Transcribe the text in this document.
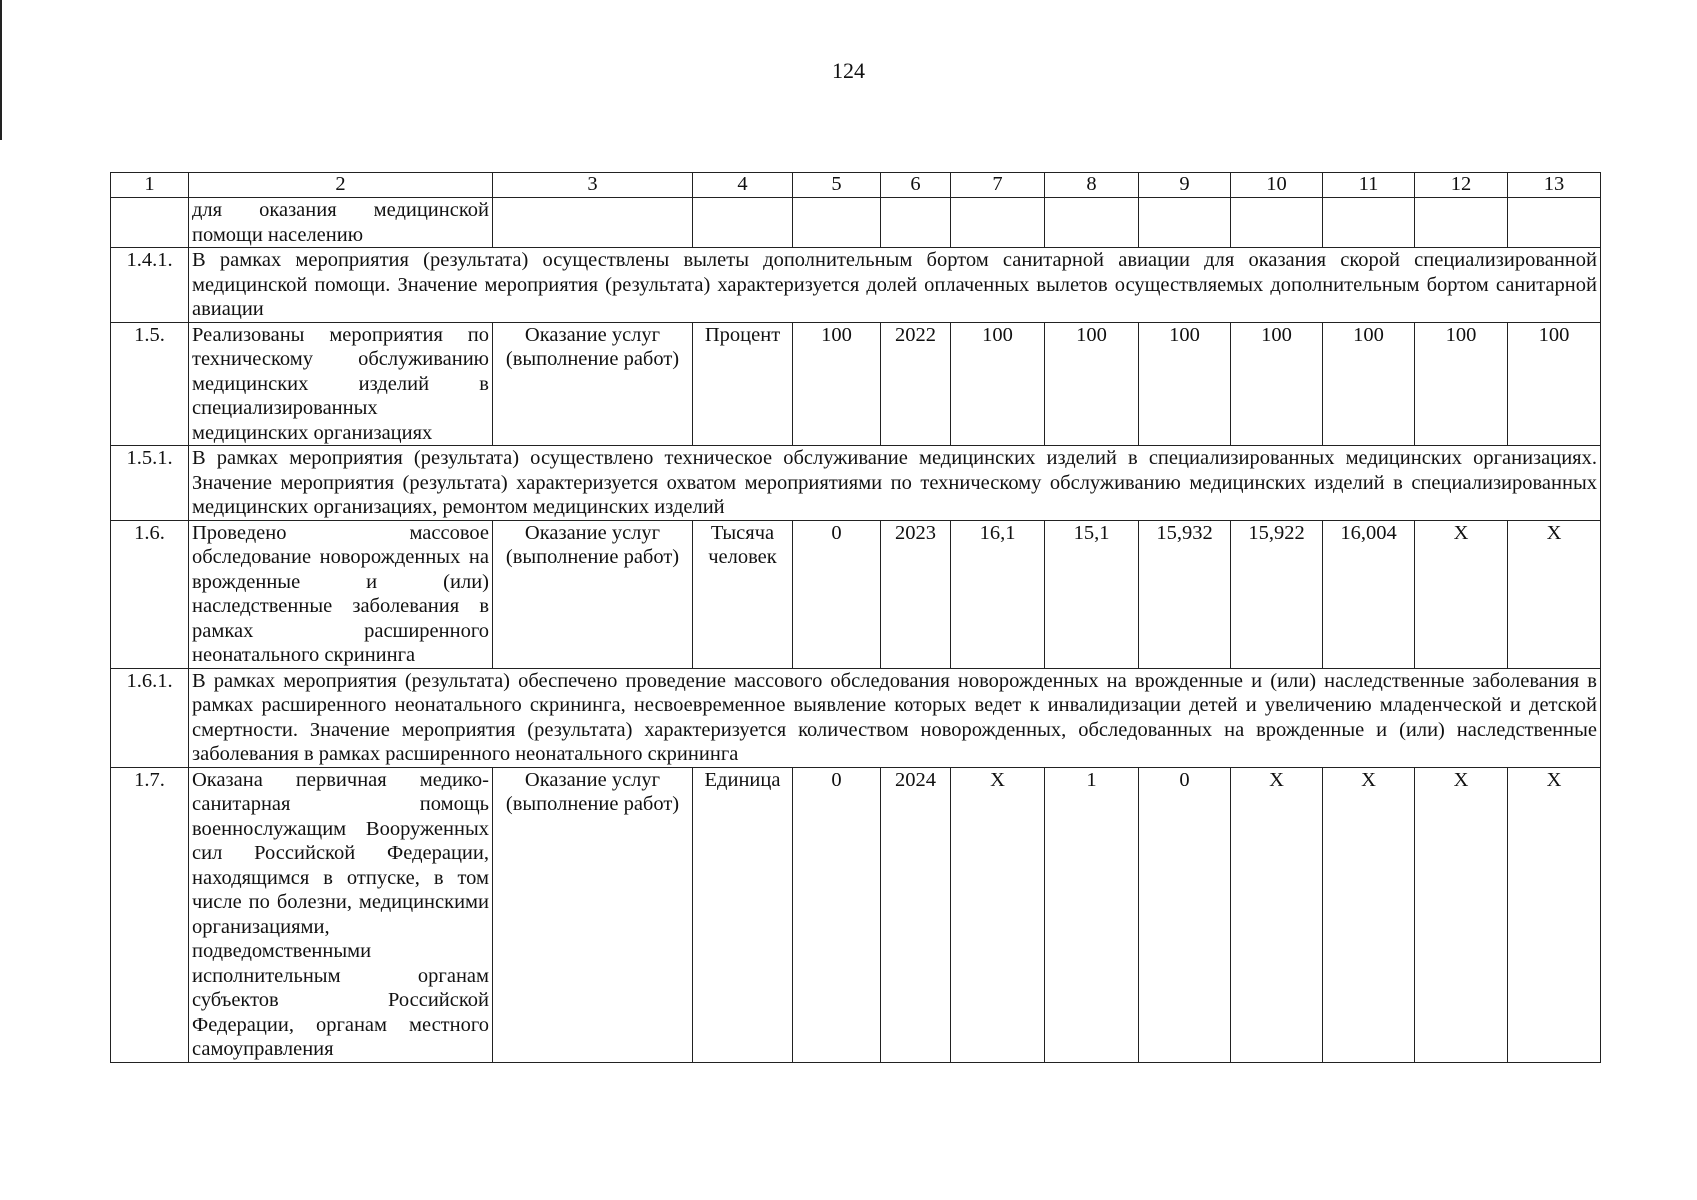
124
1	2	3	4	5	6	7	8	9	10	11	12	13
	для оказания медицинской помощи населению											
1.4.1.	В рамках мероприятия (результата) осуществлены вылеты дополнительным бортом санитарной авиации для оказания скорой специализированной медицинской помощи. Значение мероприятия (результата) характеризуется долей оплаченных вылетов осуществляемых дополнительным бортом санитарной авиации											
1.5.	Реализованы мероприятия по техническому обслуживанию медицинских изделий в специализированных медицинских организациях	Оказание услуг (выполнение работ)	Процент	100	2022	100	100	100	100	100	100	100
1.5.1.	В рамках мероприятия (результата) осуществлено техническое обслуживание медицинских изделий в специализированных медицинских организациях. Значение мероприятия (результата) характеризуется охватом мероприятиями по техническому обслуживанию медицинских изделий в специализированных медицинских организациях, ремонтом медицинских изделий											
1.6.	Проведено массовое обследование новорожденных на врожденные и (или) наследственные заболевания в рамках расширенного неонатального скрининга	Оказание услуг (выполнение работ)	Тысяча человек	0	2023	16,1	15,1	15,932	15,922	16,004	Х	Х
1.6.1.	В рамках мероприятия (результата) обеспечено проведение массового обследования новорожденных на врожденные и (или) наследственные заболевания в рамках расширенного неонатального скрининга, несвоевременное выявление которых ведет к инвалидизации детей и увеличению младенческой и детской смертности. Значение мероприятия (результата) характеризуется количеством новорожденных, обследованных на врожденные и (или) наследственные заболевания в рамках расширенного неонатального скрининга											
1.7.	Оказана первичная медико-санитарная помощь военнослужащим Вооруженных сил Российской Федерации, находящимся в отпуске, в том числе по болезни, медицинскими организациями, подведомственными исполнительным органам субъектов Российской Федерации, органам местного самоуправления	Оказание услуг (выполнение работ)	Единица	0	2024	Х	1	0	Х	Х	Х	Х
